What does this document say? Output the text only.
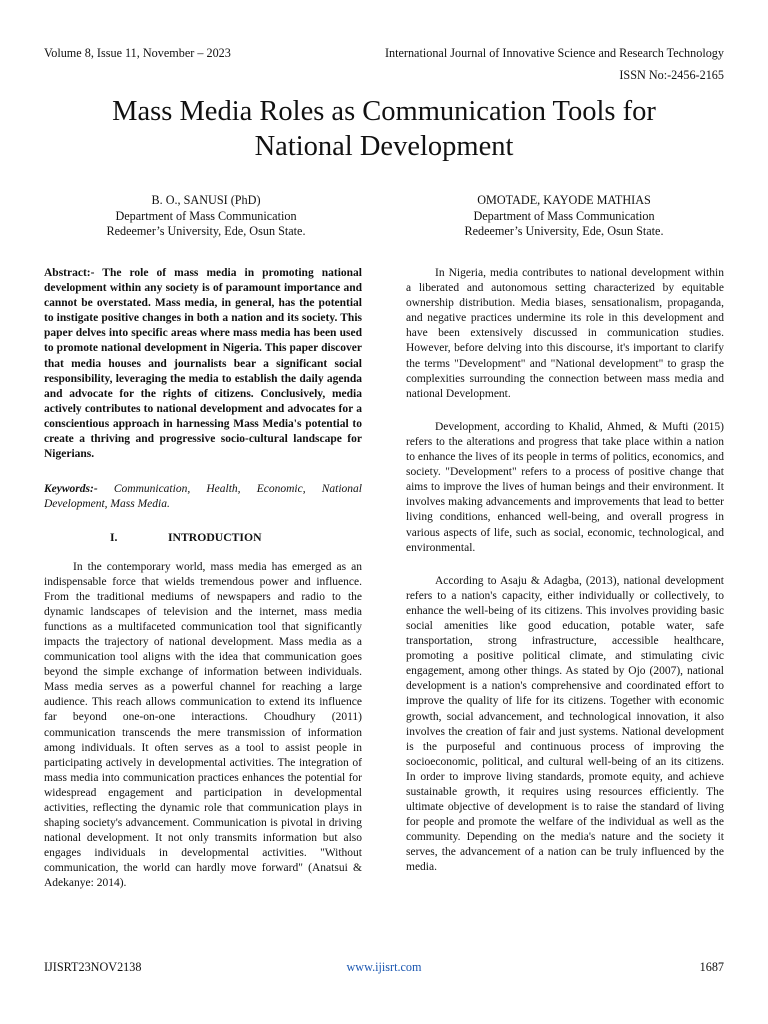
Volume 8, Issue 11, November – 2023	International Journal of Innovative Science and Research Technology
ISSN No:-2456-2165
Mass Media Roles as Communication Tools for National Development
B. O., SANUSI (PhD)
Department of Mass Communication
Redeemer’s University, Ede, Osun State.
OMOTADE, KAYODE MATHIAS
Department of Mass Communication
Redeemer’s University, Ede, Osun State.

Abstract:- The role of mass media in promoting national development within any society is of paramount importance and cannot be overstated. Mass media, in general, has the potential to instigate positive changes in both a nation and its society. This paper delves into specific areas where mass media has been used to promote national development in Nigeria. This paper discover that media houses and journalists bear a significant social responsibility, leveraging the media to establish the daily agenda and advocate for the rights of citizens. Conclusively, media actively contributes to national development and advocates for a conscientious approach in harnessing Mass Media's potential to create a thriving and progressive socio-cultural landscape for Nigerians.

Keywords:- Communication, Health, Economic, National Development, Mass Media.

I.	INTRODUCTION

In the contemporary world, mass media has emerged as an indispensable force that wields tremendous power and influence. From the traditional mediums of newspapers and radio to the dynamic landscapes of television and the internet, mass media functions as a multifaceted communication tool that significantly impacts the trajectory of national development. Mass media as a communication tool aligns with the idea that communication goes beyond the simple exchange of information between individuals. Mass media serves as a powerful channel for reaching a large audience. This reach allows communication to extend its influence far beyond one-on-one interactions. Choudhury (2011) communication transcends the mere transmission of information among individuals. It often serves as a tool to assist people in participating actively in developmental activities. The integration of mass media into communication practices enhances the potential for widespread engagement and participation in developmental activities, reflecting the dynamic role that communication plays in shaping society's advancement. Communication is pivotal in driving national development. It not only transmits information but also engages individuals in developmental activities. "Without communication, the world can hardly move forward" (Anatsui & Adekanye: 2014).

In Nigeria, media contributes to national development within a liberated and autonomous setting characterized by equitable ownership distribution. Media biases, sensationalism, propaganda, and negative practices undermine its role in this development and have been extensively discussed in communication studies. However, before delving into this discourse, it's important to clarify the terms "Development" and "National development" to grasp the complexities surrounding the connection between mass media and national Development.

Development, according to Khalid, Ahmed, & Mufti (2015) refers to the alterations and progress that take place within a nation to enhance the lives of its people in terms of politics, economics, and society. "Development" refers to a process of positive change that aims to improve the lives of human beings and their environment. It involves making advancements and improvements that lead to better living conditions, enhanced well-being, and overall progress in various aspects of life, such as social, economic, technological, and environmental.

According to Asaju & Adagba, (2013), national development refers to a nation's capacity, either individually or collectively, to enhance the well-being of its citizens. This involves providing basic social amenities like good education, potable water, safe transportation, strong infrastructure, accessible healthcare, promoting a positive political climate, and stimulating civic engagement, among other things. As stated by Ojo (2007), national development is a nation's comprehensive and coordinated effort to improve the quality of life for its citizens. Together with economic growth, social advancement, and technological innovation, it also involves the creation of fair and just systems. National development is the purposeful and continuous process of improving the socioeconomic, political, and cultural well-being of an its citizens. In order to improve living standards, promote equity, and achieve sustainable growth, it requires using resources efficiently. The ultimate objective of development is to raise the standard of living for people and promote the welfare of the individual as well as the community. Depending on the media's nature and the society it serves, the advancement of a nation can be truly influenced by the media.

IJISRT23NOV2138	www.ijisrt.com	1687
